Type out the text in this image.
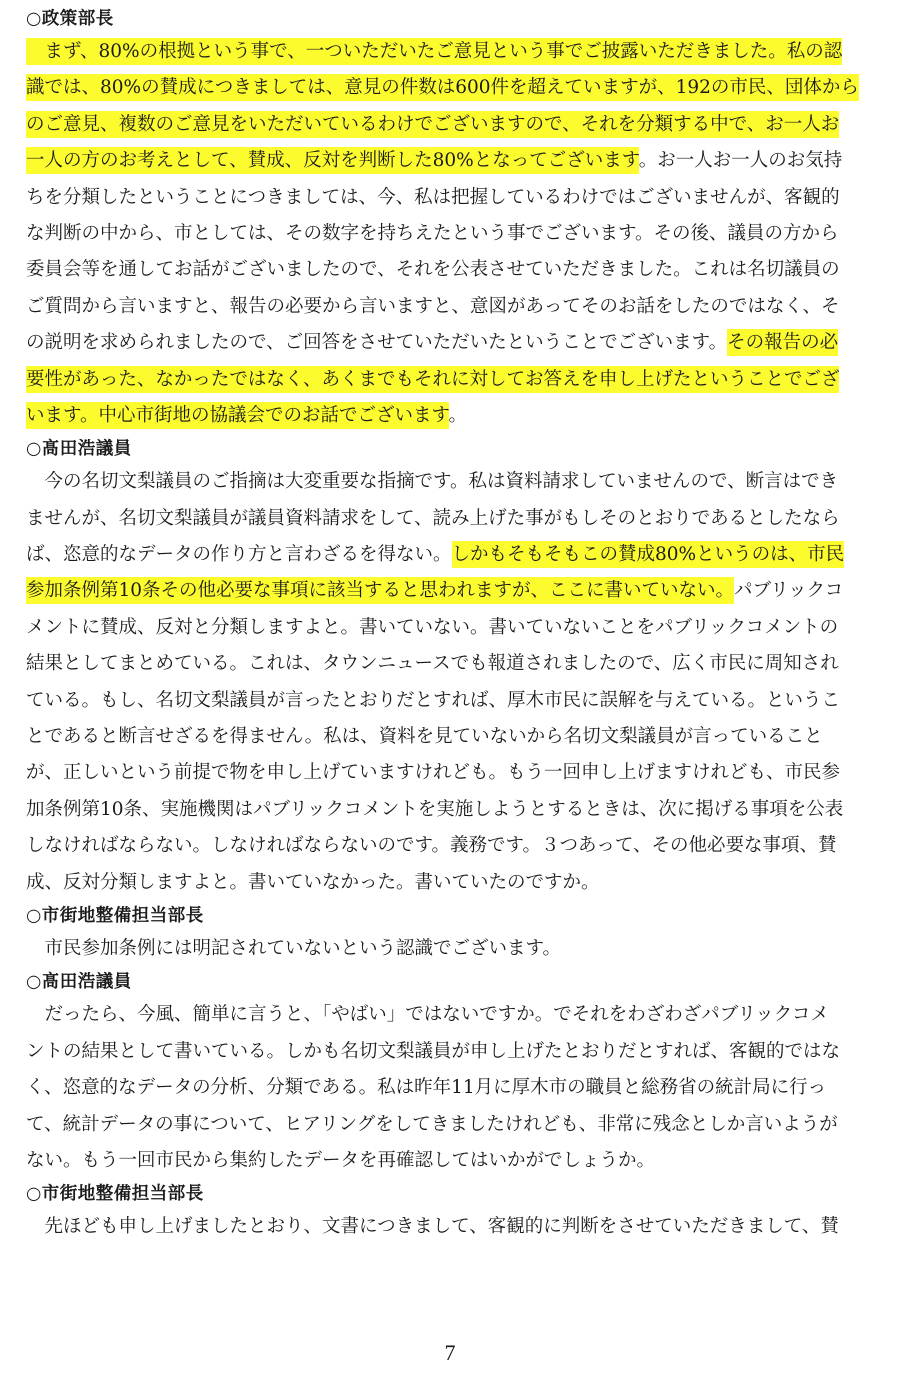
○政策部長
　まず、80%の根拠という事で、一ついただいたご意見という事でご披露いただきました。私の認
識では、80%の賛成につきましては、意見の件数は600件を超えていますが、192の市民、団体から
のご意見、複数のご意見をいただいているわけでございますので、それを分類する中で、お一人お
一人の方のお考えとして、賛成、反対を判断した80%となってございます。お一人お一人のお気持
ちを分類したということにつきましては、今、私は把握しているわけではございませんが、客観的
な判断の中から、市としては、その数字を持ちえたという事でございます。その後、議員の方から
委員会等を通してお話がございましたので、それを公表させていただきました。これは名切議員の
ご質問から言いますと、報告の必要から言いますと、意図があってそのお話をしたのではなく、そ
の説明を求められましたので、ご回答をさせていただいたということでございます。その報告の必
要性があった、なかったではなく、あくまでもそれに対してお答えを申し上げたということでござ
います。中心市街地の協議会でのお話でございます。
○髙田浩議員
　今の名切文梨議員のご指摘は大変重要な指摘です。私は資料請求していませんので、断言はでき
ませんが、名切文梨議員が議員資料請求をして、読み上げた事がもしそのとおりであるとしたなら
ば、恣意的なデータの作り方と言わざるを得ない。しかもそもそもこの賛成80%というのは、市民
参加条例第10条その他必要な事項に該当すると思われますが、ここに書いていない。パブリックコ
メントに賛成、反対と分類しますよと。書いていない。書いていないことをパブリックコメントの
結果としてまとめている。これは、タウンニュースでも報道されましたので、広く市民に周知され
ている。もし、名切文梨議員が言ったとおりだとすれば、厚木市民に誤解を与えている。というこ
とであると断言せざるを得ません。私は、資料を見ていないから名切文梨議員が言っていること
が、正しいという前提で物を申し上げていますけれども。もう一回申し上げますけれども、市民参
加条例第10条、実施機関はパブリックコメントを実施しようとするときは、次に掲げる事項を公表
しなければならない。しなければならないのです。義務です。３つあって、その他必要な事項、賛
成、反対分類しますよと。書いていなかった。書いていたのですか。
○市街地整備担当部長
　市民参加条例には明記されていないという認識でございます。
○髙田浩議員
　だったら、今風、簡単に言うと、「やばい」ではないですか。でそれをわざわざパブリックコメ
ントの結果として書いている。しかも名切文梨議員が申し上げたとおりだとすれば、客観的ではな
く、恣意的なデータの分析、分類である。私は昨年11月に厚木市の職員と総務省の統計局に行っ
て、統計データの事について、ヒアリングをしてきましたけれども、非常に残念としか言いようが
ない。もう一回市民から集約したデータを再確認してはいかがでしょうか。
○市街地整備担当部長
　先ほども申し上げましたとおり、文書につきまして、客観的に判断をさせていただきまして、賛
7
